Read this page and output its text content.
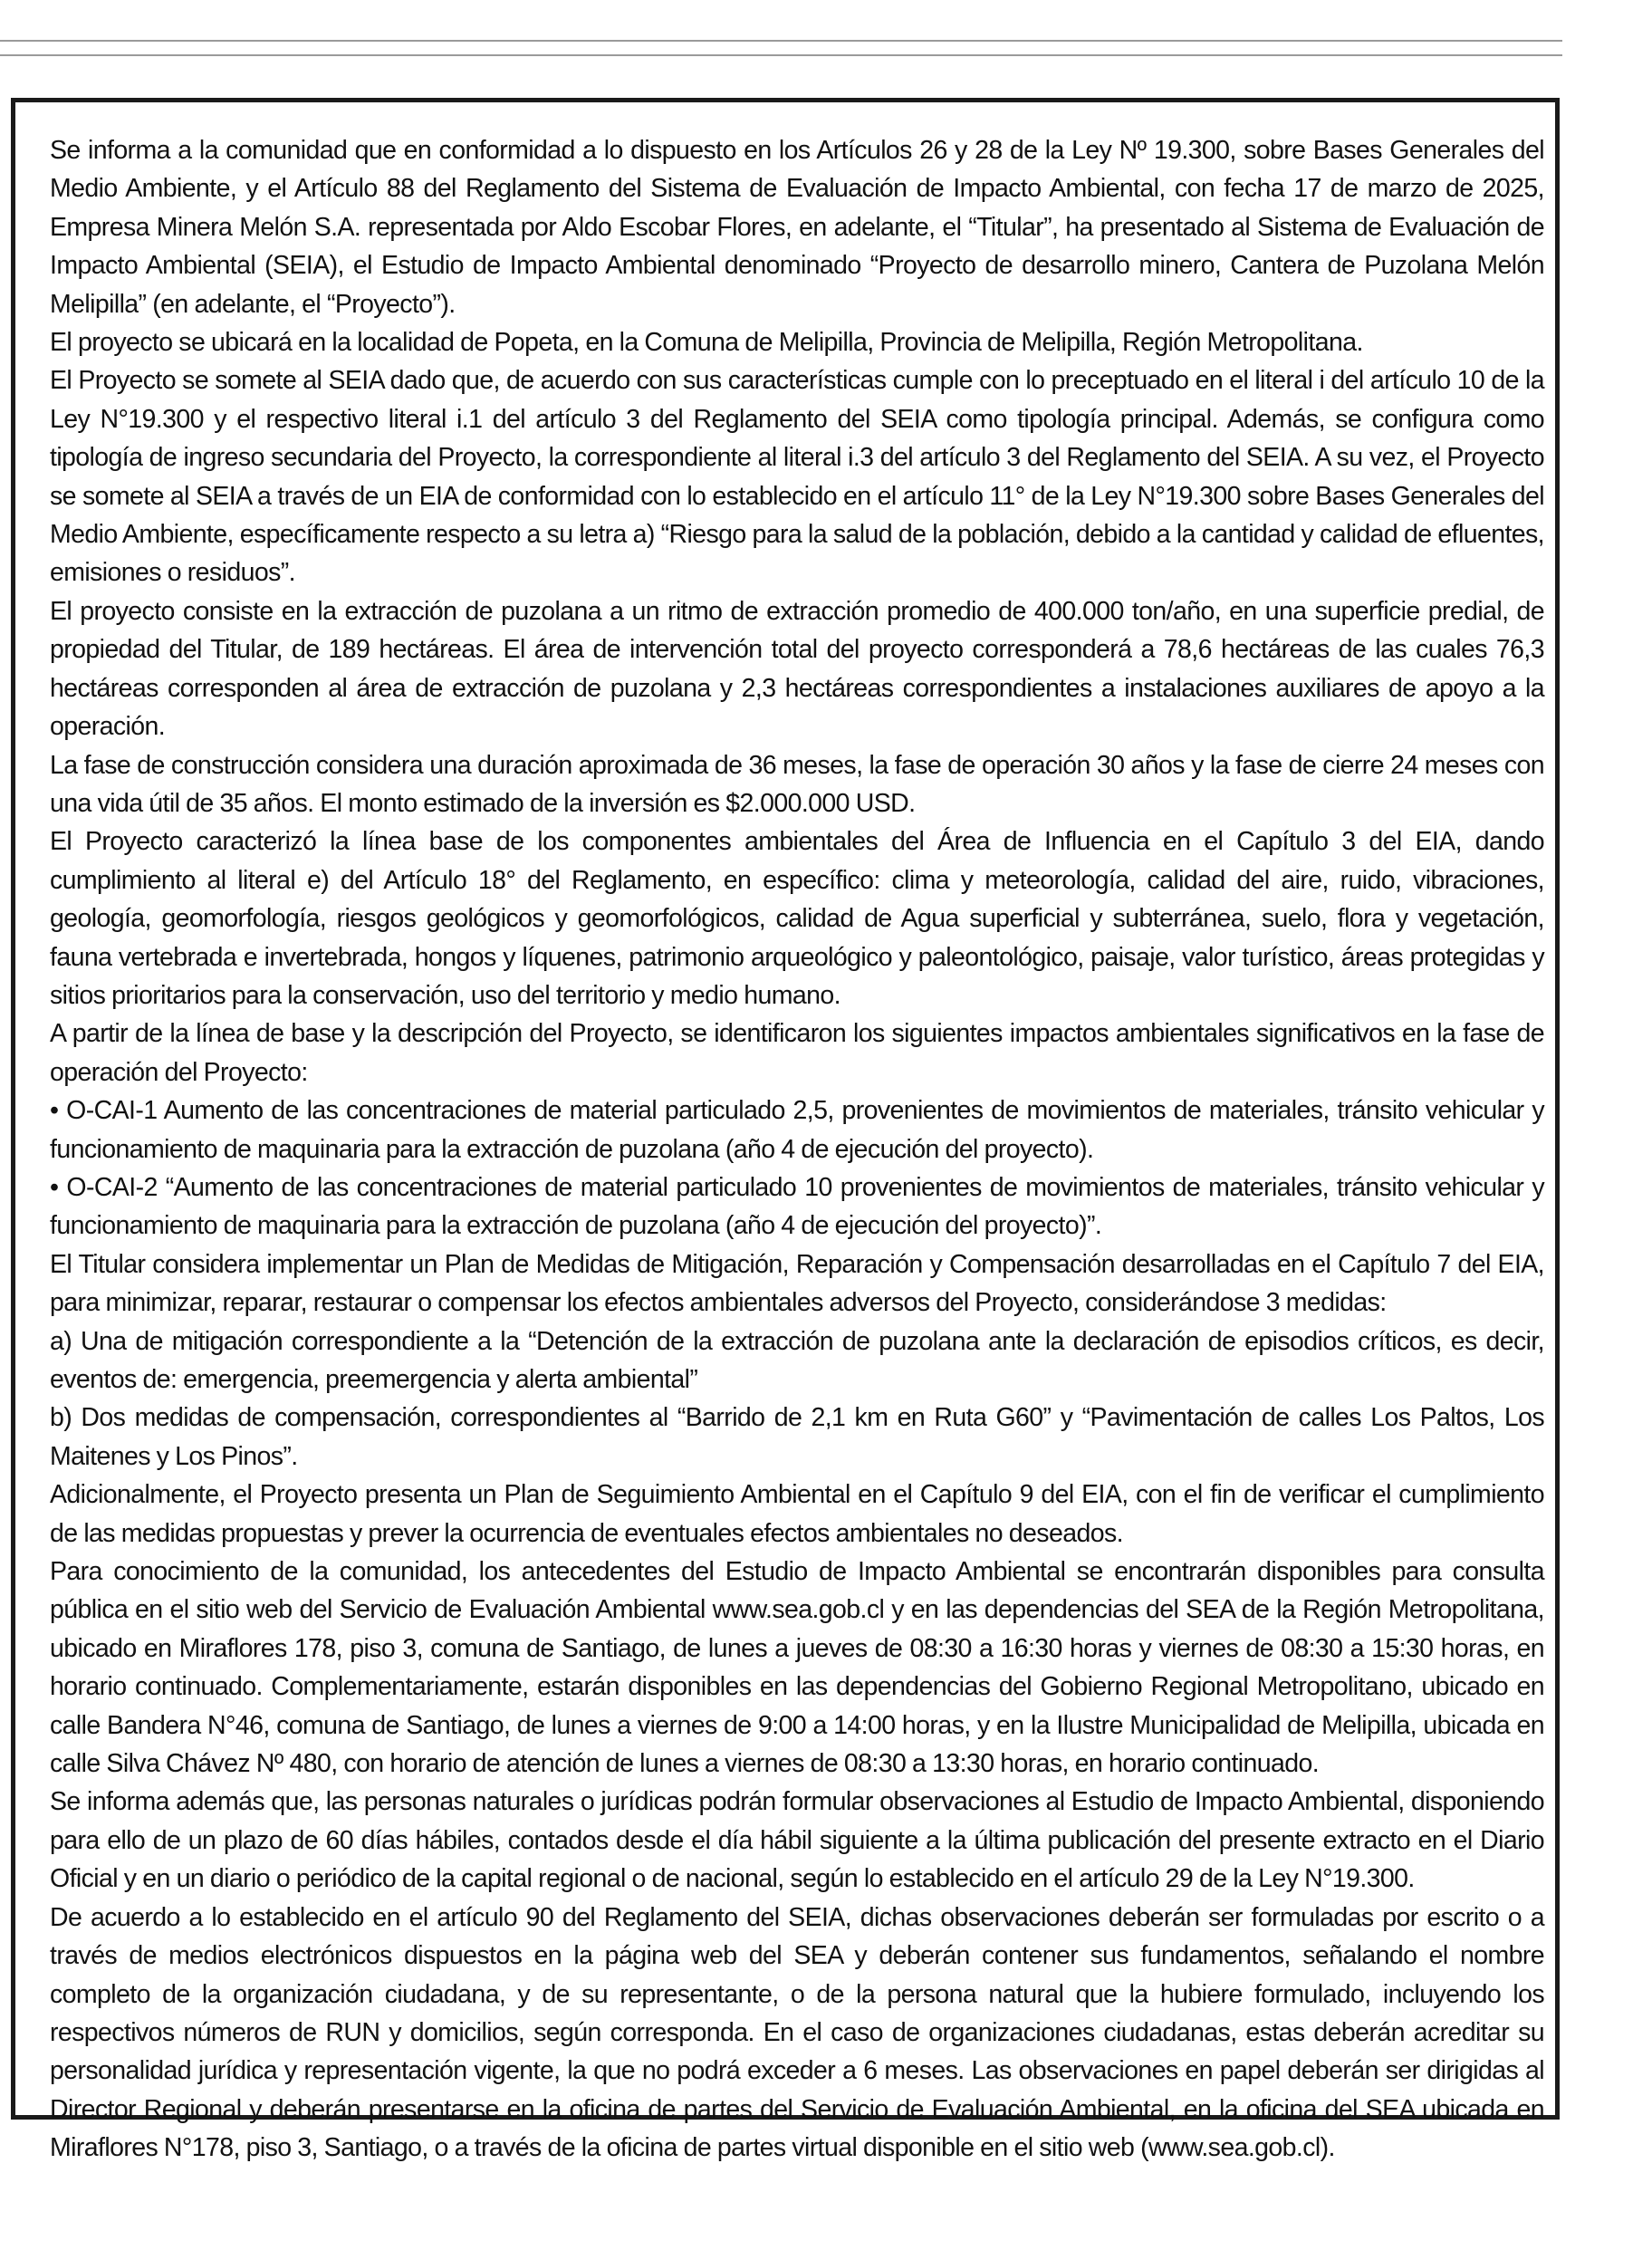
Se informa a la comunidad que en conformidad a lo dispuesto en los Artículos 26 y 28 de la Ley Nº 19.300, sobre Bases Generales del Medio Ambiente, y el Artículo 88 del Reglamento del Sistema de Evaluación de Impacto Ambiental, con fecha 17 de marzo de 2025, Empresa Minera Melón S.A. representada por Aldo Escobar Flores, en adelante, el “Titular”, ha presentado al Sistema de Evaluación de Impacto Ambiental (SEIA), el Estudio de Impacto Ambiental denominado “Proyecto de desarrollo minero, Cantera de Puzolana Melón Melipilla” (en adelante, el “Proyecto”).

El proyecto se ubicará en la localidad de Popeta, en la Comuna de Melipilla, Provincia de Melipilla, Región Metropolitana.

El Proyecto se somete al SEIA dado que, de acuerdo con sus características cumple con lo preceptuado en el literal i del artículo 10 de la Ley N°19.300 y el respectivo literal i.1 del artículo 3 del Reglamento del SEIA como tipología principal. Además, se configura como tipología de ingreso secundaria del Proyecto, la correspondiente al literal i.3 del artículo 3 del Reglamento del SEIA. A su vez, el Proyecto se somete al SEIA a través de un EIA de conformidad con lo establecido en el artículo 11° de la Ley N°19.300 sobre Bases Generales del Medio Ambiente, específicamente respecto a su letra a) “Riesgo para la salud de la población, debido a la cantidad y calidad de efluentes, emisiones o residuos”.

El proyecto consiste en la extracción de puzolana a un ritmo de extracción promedio de 400.000 ton/año, en una superficie predial, de propiedad del Titular, de 189 hectáreas. El área de intervención total del proyecto corresponderá a 78,6 hectáreas de las cuales 76,3 hectáreas corresponden al área de extracción de puzolana y 2,3 hectáreas correspondientes a instalaciones auxiliares de apoyo a la operación.

La fase de construcción considera una duración aproximada de 36 meses, la fase de operación 30 años y la fase de cierre 24 meses con una vida útil de 35 años. El monto estimado de la inversión es $2.000.000 USD.

El Proyecto caracterizó la línea base de los componentes ambientales del Área de Influencia en el Capítulo 3 del EIA, dando cumplimiento al literal e) del Artículo 18° del Reglamento, en específico: clima y meteorología, calidad del aire, ruido, vibraciones, geología, geomorfología, riesgos geológicos y geomorfológicos, calidad de Agua superficial y subterránea, suelo, flora y vegetación, fauna vertebrada e invertebrada, hongos y líquenes, patrimonio arqueológico y paleontológico, paisaje, valor turístico, áreas protegidas y sitios prioritarios para la conservación, uso del territorio y medio humano.

A partir de la línea de base y la descripción del Proyecto, se identificaron los siguientes impactos ambientales significativos en la fase de operación del Proyecto:

• O-CAI-1 Aumento de las concentraciones de material particulado 2,5, provenientes de movimientos de materiales, tránsito vehicular y funcionamiento de maquinaria para la extracción de puzolana (año 4 de ejecución del proyecto).

• O-CAI-2 “Aumento de las concentraciones de material particulado 10 provenientes de movimientos de materiales, tránsito vehicular y funcionamiento de maquinaria para la extracción de puzolana (año 4 de ejecución del proyecto)”.

El Titular considera implementar un Plan de Medidas de Mitigación, Reparación y Compensación desarrolladas en el Capítulo 7 del EIA, para minimizar, reparar, restaurar o compensar los efectos ambientales adversos del Proyecto, considerándose 3 medidas:

a) Una de mitigación correspondiente a la “Detención de la extracción de puzolana ante la declaración de episodios críticos, es decir, eventos de: emergencia, preemergencia y alerta ambiental”

b) Dos medidas de compensación, correspondientes al “Barrido de 2,1 km en Ruta G60” y “Pavimentación de calles Los Paltos, Los Maitenes y Los Pinos”.

Adicionalmente, el Proyecto presenta un Plan de Seguimiento Ambiental en el Capítulo 9 del EIA, con el fin de verificar el cumplimiento de las medidas propuestas y prever la ocurrencia de eventuales efectos ambientales no deseados.

Para conocimiento de la comunidad, los antecedentes del Estudio de Impacto Ambiental se encontrarán disponibles para consulta pública en el sitio web del Servicio de Evaluación Ambiental www.sea.gob.cl y en las dependencias del SEA de la Región Metropolitana, ubicado en Miraflores 178, piso 3, comuna de Santiago, de lunes a jueves de 08:30 a 16:30 horas y viernes de 08:30 a 15:30 horas, en horario continuado. Complementariamente, estarán disponibles en las dependencias del Gobierno Regional Metropolitano, ubicado en calle Bandera N°46, comuna de Santiago, de lunes a viernes de 9:00 a 14:00 horas, y en la Ilustre Municipalidad de Melipilla, ubicada en calle Silva Chávez Nº 480, con horario de atención de lunes a viernes de 08:30 a 13:30 horas, en horario continuado.

Se informa además que, las personas naturales o jurídicas podrán formular observaciones al Estudio de Impacto Ambiental, disponiendo para ello de un plazo de 60 días hábiles, contados desde el día hábil siguiente a la última publicación del presente extracto en el Diario Oficial y en un diario o periódico de la capital regional o de nacional, según lo establecido en el artículo 29 de la Ley N°19.300.

De acuerdo a lo establecido en el artículo 90 del Reglamento del SEIA, dichas observaciones deberán ser formuladas por escrito o a través de medios electrónicos dispuestos en la página web del SEA y deberán contener sus fundamentos, señalando el nombre completo de la organización ciudadana, y de su representante, o de la persona natural que la hubiere formulado, incluyendo los respectivos números de RUN y domicilios, según corresponda. En el caso de organizaciones ciudadanas, estas deberán acreditar su personalidad jurídica y representación vigente, la que no podrá exceder a 6 meses. Las observaciones en papel deberán ser dirigidas al Director Regional y deberán presentarse en la oficina de partes del Servicio de Evaluación Ambiental, en la oficina del SEA ubicada en Miraflores N°178, piso 3, Santiago, o a través de la oficina de partes virtual disponible en el sitio web (www.sea.gob.cl).
